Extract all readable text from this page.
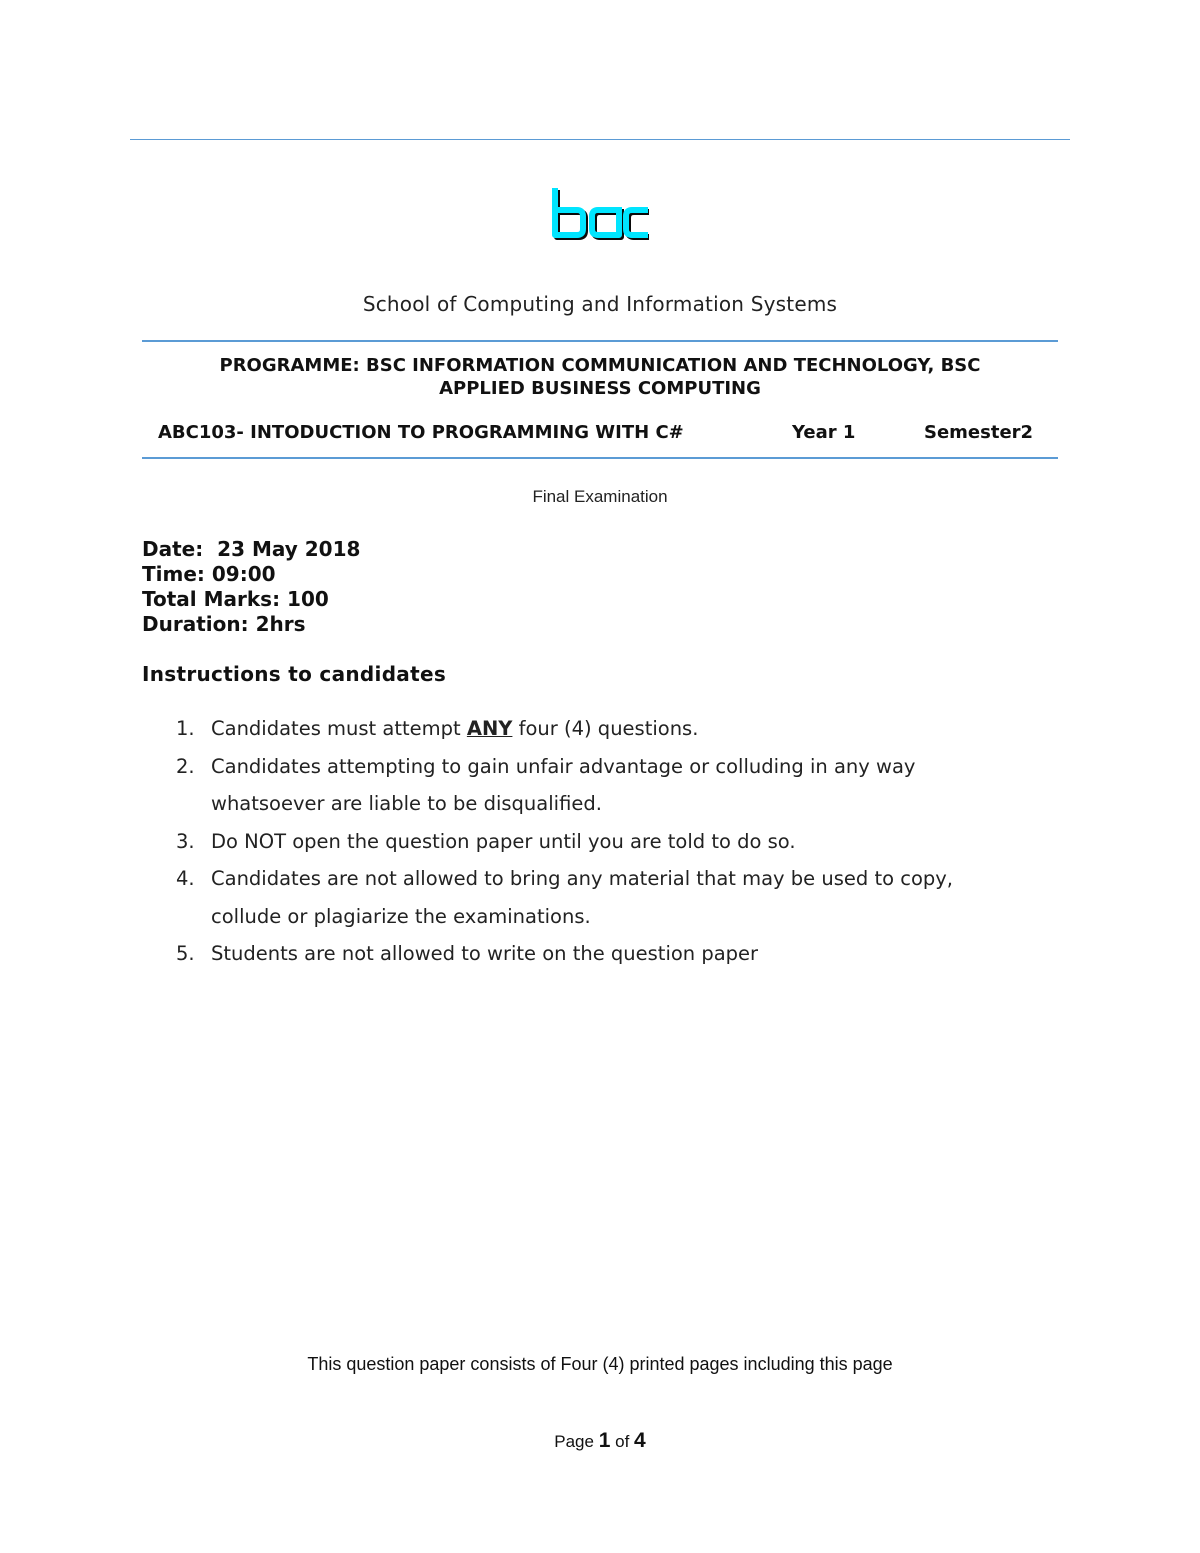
School of Computing and Information Systems
PROGRAMME: BSC INFORMATION COMMUNICATION AND TECHNOLOGY, BSC
APPLIED BUSINESS COMPUTING
ABC103- INTODUCTION TO PROGRAMMING WITH C#	Year 1	Semester2
Final Examination
Date: 23 May 2018
Time: 09:00
Total Marks: 100
Duration: 2hrs
Instructions to candidates
1. Candidates must attempt ANY four (4) questions.
2. Candidates attempting to gain unfair advantage or colluding in any way
whatsoever are liable to be disqualified.
3. Do NOT open the question paper until you are told to do so.
4. Candidates are not allowed to bring any material that may be used to copy,
collude or plagiarize the examinations.
5. Students are not allowed to write on the question paper
This question paper consists of Four (4) printed pages including this page
Page 1 of 4
